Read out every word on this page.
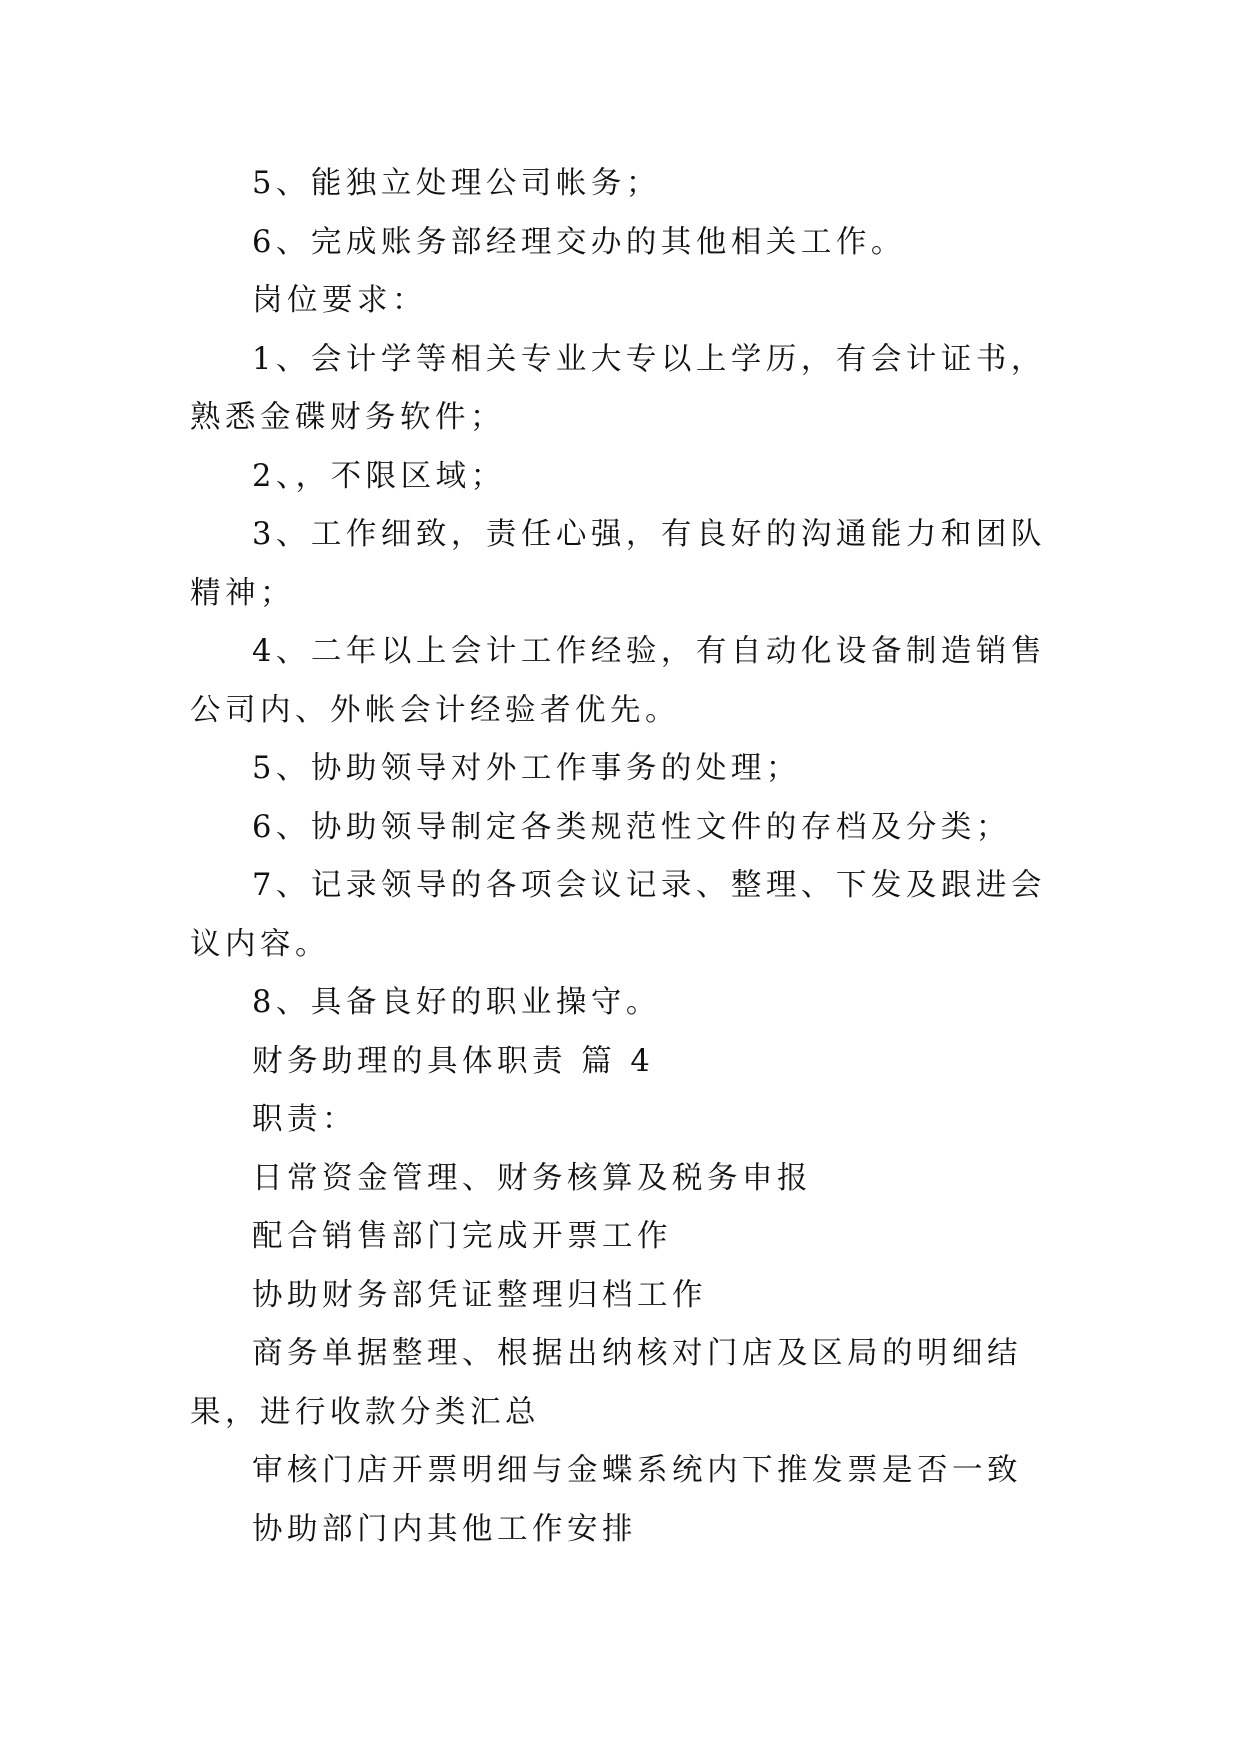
5、能独立处理公司帐务；

6、完成账务部经理交办的其他相关工作。

岗位要求：

1、会计学等相关专业大专以上学历，有会计证书，熟悉金碟财务软件；

2、，不限区域；

3、工作细致，责任心强，有良好的沟通能力和团队精神；

4、二年以上会计工作经验，有自动化设备制造销售公司内、外帐会计经验者优先。

5、协助领导对外工作事务的处理；

6、协助领导制定各类规范性文件的存档及分类；

7、记录领导的各项会议记录、整理、下发及跟进会议内容。

8、具备良好的职业操守。

财务助理的具体职责 篇 4

职责：

日常资金管理、财务核算及税务申报

配合销售部门完成开票工作

协助财务部凭证整理归档工作

商务单据整理、根据出纳核对门店及区局的明细结果，进行收款分类汇总

审核门店开票明细与金蝶系统内下推发票是否一致

协助部门内其他工作安排
